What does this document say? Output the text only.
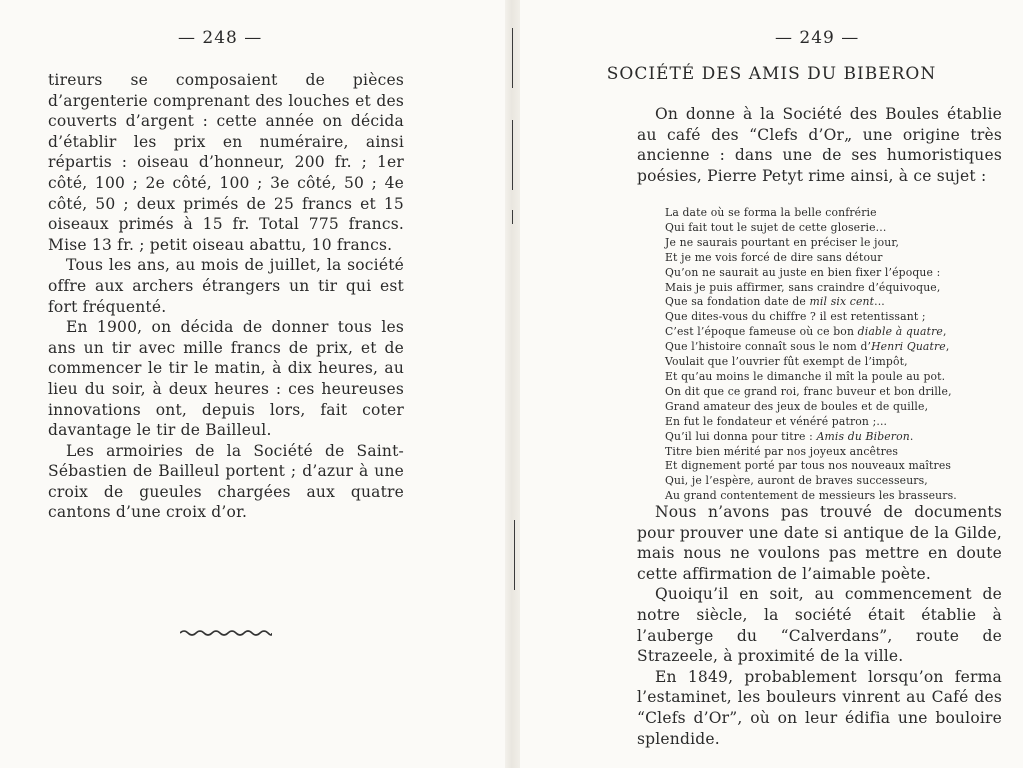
— 248 —

tireurs se composaient de pièces d’argenterie comprenant des louches et des couverts d’argent : cette année on décida d’établir les prix en numéraire, ainsi répartis : oiseau d’honneur, 200 fr. ; 1er côté, 100 ; 2e côté, 100 ; 3e côté, 50 ; 4e côté, 50 ; deux primés de 25 francs et 15 oiseaux primés à 15 fr. Total 775 francs. Mise 13 fr. ; petit oiseau abattu, 10 francs.

Tous les ans, au mois de juillet, la société offre aux archers étrangers un tir qui est fort fréquenté.

En 1900, on décida de donner tous les ans un tir avec mille francs de prix, et de commencer le tir le matin, à dix heures, au lieu du soir, à deux heures : ces heureuses innovations ont, depuis lors, fait coter davantage le tir de Bailleul.

Les armoiries de la Société de Saint-Sébastien de Bailleul portent ; d’azur à une croix de gueules chargées aux quatre cantons d’une croix d’or.

— 249 —
SOCIÉTÉ DES AMIS DU BIBERON

On donne à la Société des Boules établie au café des “Clefs d’Or„ une origine très ancienne : dans une de ses humoristiques poésies, Pierre Petyt rime ainsi, à ce sujet :

La date où se forma la belle confrérie
Qui fait tout le sujet de cette gloserie...
Je ne saurais pourtant en préciser le jour,
Et je me vois forcé de dire sans détour
Qu’on ne saurait au juste en bien fixer l’époque :
Mais je puis affirmer, sans craindre d’équivoque,
Que sa fondation date de mil six cent...
Que dites-vous du chiffre ? il est retentissant ;
C’est l’époque fameuse où ce bon diable à quatre,
Que l’histoire connaît sous le nom d’Henri Quatre,
Voulait que l’ouvrier fût exempt de l’impôt,
Et qu’au moins le dimanche il mît la poule au pot.
On dit que ce grand roi, franc buveur et bon drille,
Grand amateur des jeux de boules et de quille,
En fut le fondateur et vénéré patron ;...
Qu’il lui donna pour titre : Amis du Biberon.
Titre bien mérité par nos joyeux ancêtres
Et dignement porté par tous nos nouveaux maîtres
Qui, je l’espère, auront de braves successeurs,
Au grand contentement de messieurs les brasseurs.

Nous n’avons pas trouvé de documents pour prouver une date si antique de la Gilde, mais nous ne voulons pas mettre en doute cette affirmation de l’aimable poète.

Quoiqu’il en soit, au commencement de notre siècle, la société était établie à l’auberge du “Calverdans”, route de Strazeele, à proximité de la ville.

En 1849, probablement lorsqu’on ferma l’estaminet, les bouleurs vinrent au Café des “Clefs d’Or”, où on leur édifia une bouloire splendide.
